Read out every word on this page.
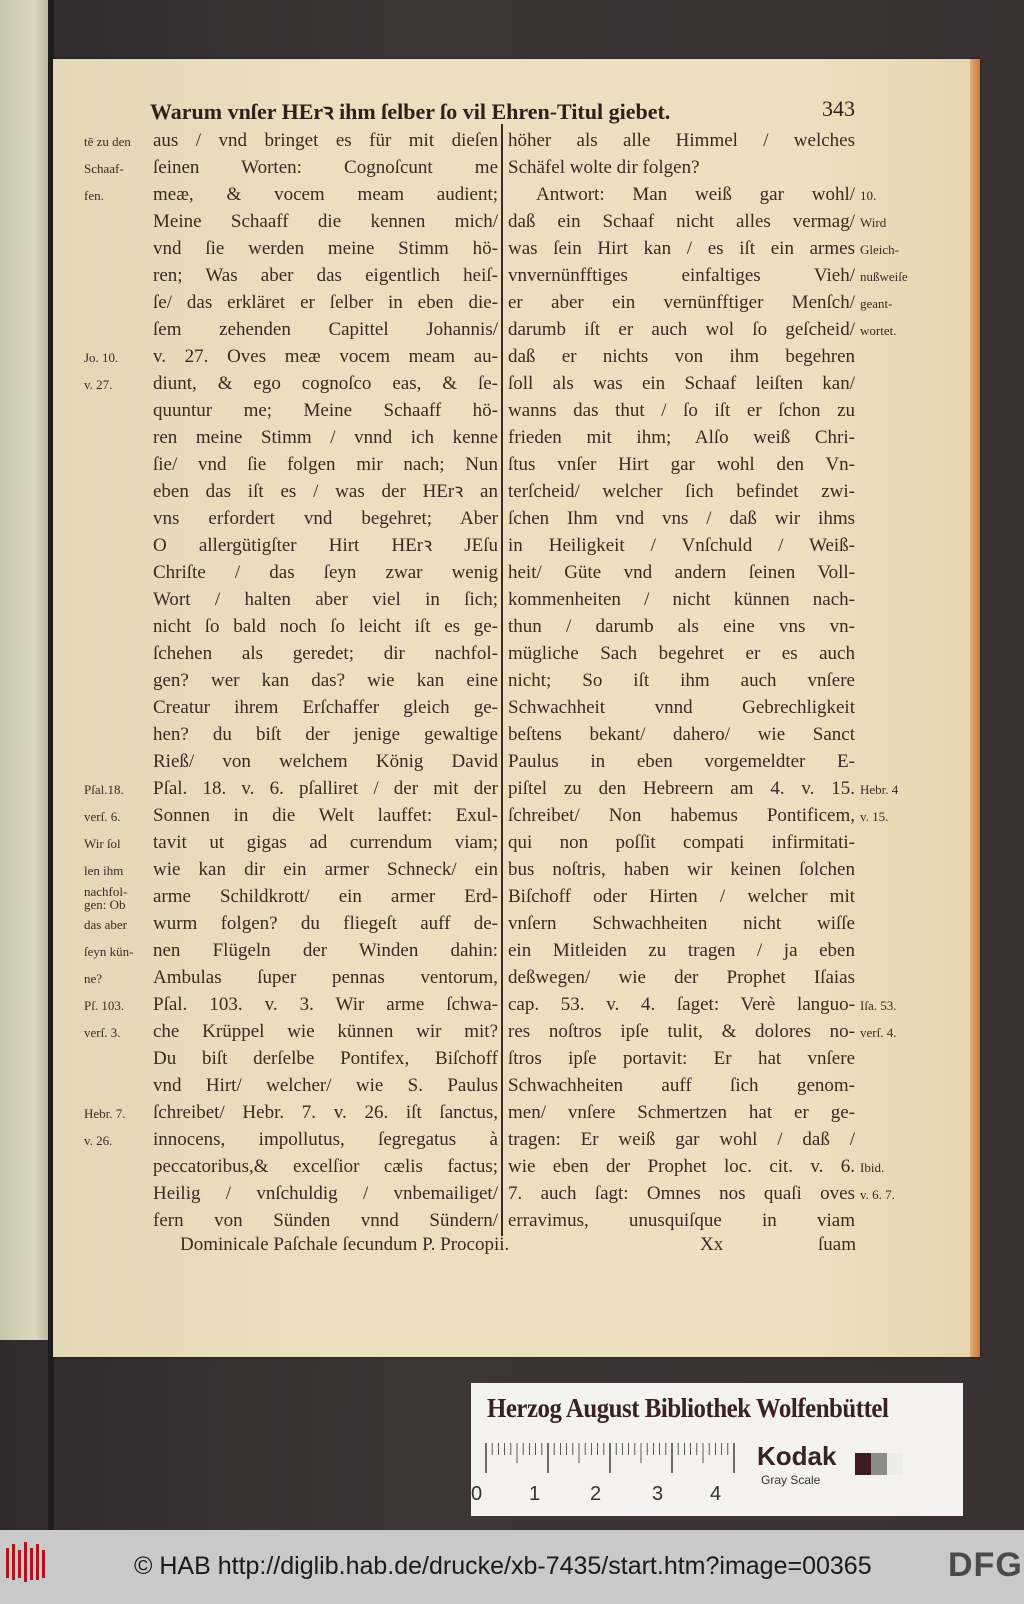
Warum vnſer HErꝛ ihm ſelber ſo vil Ehren-Titul giebet.	343
aus / vnd bringet es für mit dieſen
tē zu den
ſeinen Worten: Cognoſcunt me
Schaaf-
meæ, & vocem meam audient;
fen.
Meine Schaaff die kennen mich/
vnd ſie werden meine Stimm hö-
ren; Was aber das eigentlich heiſ-
ſe/ das erkläret er ſelber in eben die-
ſem zehenden Capittel Johannis/
v. 27. Oves meæ vocem meam au-
Jo. 10.
diunt, & ego cognoſco eas, & ſe-
v. 27.
quuntur me; Meine Schaaff hö-
ren meine Stimm / vnnd ich kenne
ſie/ vnd ſie folgen mir nach; Nun
eben das iſt es / was der HErꝛ an
vns erfordert vnd begehret; Aber
O allergütigſter Hirt HErꝛ JEſu
Chriſte / das ſeyn zwar wenig
Wort / halten aber viel in ſich;
nicht ſo bald noch ſo leicht iſt es ge-
ſchehen als geredet; dir nachfol-
gen? wer kan das? wie kan eine
Creatur ihrem Erſchaffer gleich ge-
hen? du biſt der jenige gewaltige
Rieß/ von welchem König David
Pſal. 18. v. 6. pſalliret / der mit der
Pſal.18.
Sonnen in die Welt lauffet: Exul-
verſ. 6.
tavit ut gigas ad currendum viam;
Wir ſol
wie kan dir ein armer Schneck/ ein
len ihm
arme Schildkrott/ ein armer Erd-
nachfol-
gen: Ob
wurm folgen? du fliegeſt auff de-
das aber
nen Flügeln der Winden dahin:
ſeyn kün-
Ambulas ſuper pennas ventorum,
ne?
Pſal. 103. v. 3. Wir arme ſchwa-
Pſ. 103.
che Krüppel wie künnen wir mit?
verſ. 3.
Du biſt derſelbe Pontifex, Biſchoff
vnd Hirt/ welcher/ wie S. Paulus
ſchreibet/ Hebr. 7. v. 26. iſt ſanctus,
Hebr. 7.
innocens, impollutus, ſegregatus à
v. 26.
peccatoribus,& excelſior cælis factus;
Heilig / vnſchuldig / vnbemailiget/
fern von Sünden vnnd Sündern/
höher als alle Himmel / welches
Schäfel wolte dir folgen?
Antwort: Man weiß gar wohl/ 10.
daß ein Schaaf nicht alles vermag/ Wird
was ſein Hirt kan / es iſt ein armes Gleich-
vnvernünfftiges einfaltiges Vieh/ nußweiſe
er aber ein vernünfftiger Menſch/ geant-
darumb iſt er auch wol ſo geſcheid/ wortet.
daß er nichts von ihm begehren
ſoll als was ein Schaaf leiſten kan/
wanns das thut / ſo iſt er ſchon zu
frieden mit ihm; Alſo weiß Chri-
ſtus vnſer Hirt gar wohl den Vn-
terſcheid/ welcher ſich befindet zwi-
ſchen Ihm vnd vns / daß wir ihms
in Heiligkeit / Vnſchuld / Weiß-
heit/ Güte vnd andern ſeinen Voll-
kommenheiten / nicht künnen nach-
thun / darumb als eine vns vn-
mügliche Sach begehret er es auch
nicht; So iſt ihm auch vnſere
Schwachheit vnnd Gebrechligkeit
beſtens bekant/ dahero/ wie Sanct
Paulus in eben vorgemeldter E-
piſtel zu den Hebreern am 4. v. 15. Hebr. 4
ſchreibet/ Non habemus Pontificem, v. 15.
qui non poſſit compati infirmitati-
bus noſtris, haben wir keinen ſolchen
Biſchoff oder Hirten / welcher mit
vnſern Schwachheiten nicht wiſſe
ein Mitleiden zu tragen / ja eben
deßwegen/ wie der Prophet Iſaias
cap. 53. v. 4. ſaget: Verè languo- Iſa. 53.
res noſtros ipſe tulit, & dolores no- verſ. 4.
ſtros ipſe portavit: Er hat vnſere
Schwachheiten auff ſich genom-
men/ vnſere Schmertzen hat er ge-
tragen: Er weiß gar wohl / daß /
wie eben der Prophet loc. cit. v. 6. Ibid.
7. auch ſagt: Omnes nos quaſi oves v. 6. 7.
erravimus, unusquiſque in viam
Dominicale Paſchale ſecundum P. Procopii.	Xx	ſuam
Herzog August Bibliothek Wolfenbüttel
0 1 2	3 4
Kodak
Gray Scale
© HAB http://diglib.hab.de/drucke/xb-7435/start.htm?image=00365 DFG
